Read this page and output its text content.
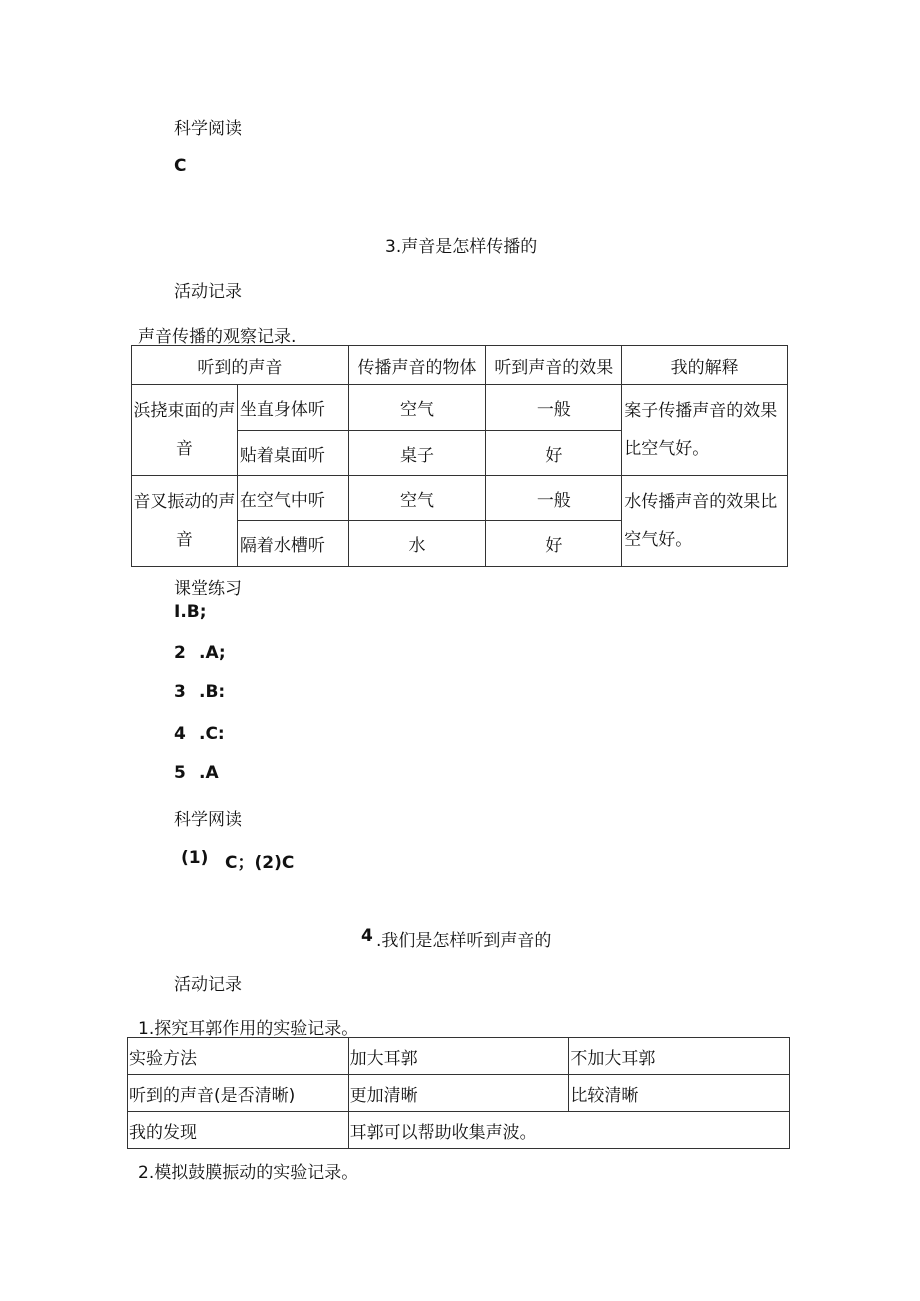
科学阅读
C
3.声音是怎样传播的
活动记录
声音传播的观察记录.
听到的声音		传播声音的物体	听到声音的效果	我的解释
浜挠束面的声音	坐直身体听	空气	一般	案子传播声音的效果比空气好。
	贴着桌面听	桌子	好	
音叉振动的声音	在空气中听	空气	一般	水传播声音的效果比空气好。
	隔着水槽听	水	好	
课堂练习
I.B;
2 .A;
3 .B:
4 .C:
5 .A
科学网读
(1) C；(2)C
4 .我们是怎样听到声音的
活动记录
1.探究耳郭作用的实验记录。
实验方法	加大耳郭	不加大耳郭
听到的声音(是否清晰)	更加清晰	比较清晰
我的发现	耳郭可以帮助收集声波。	
2.模拟鼓膜振动的实验记录。
